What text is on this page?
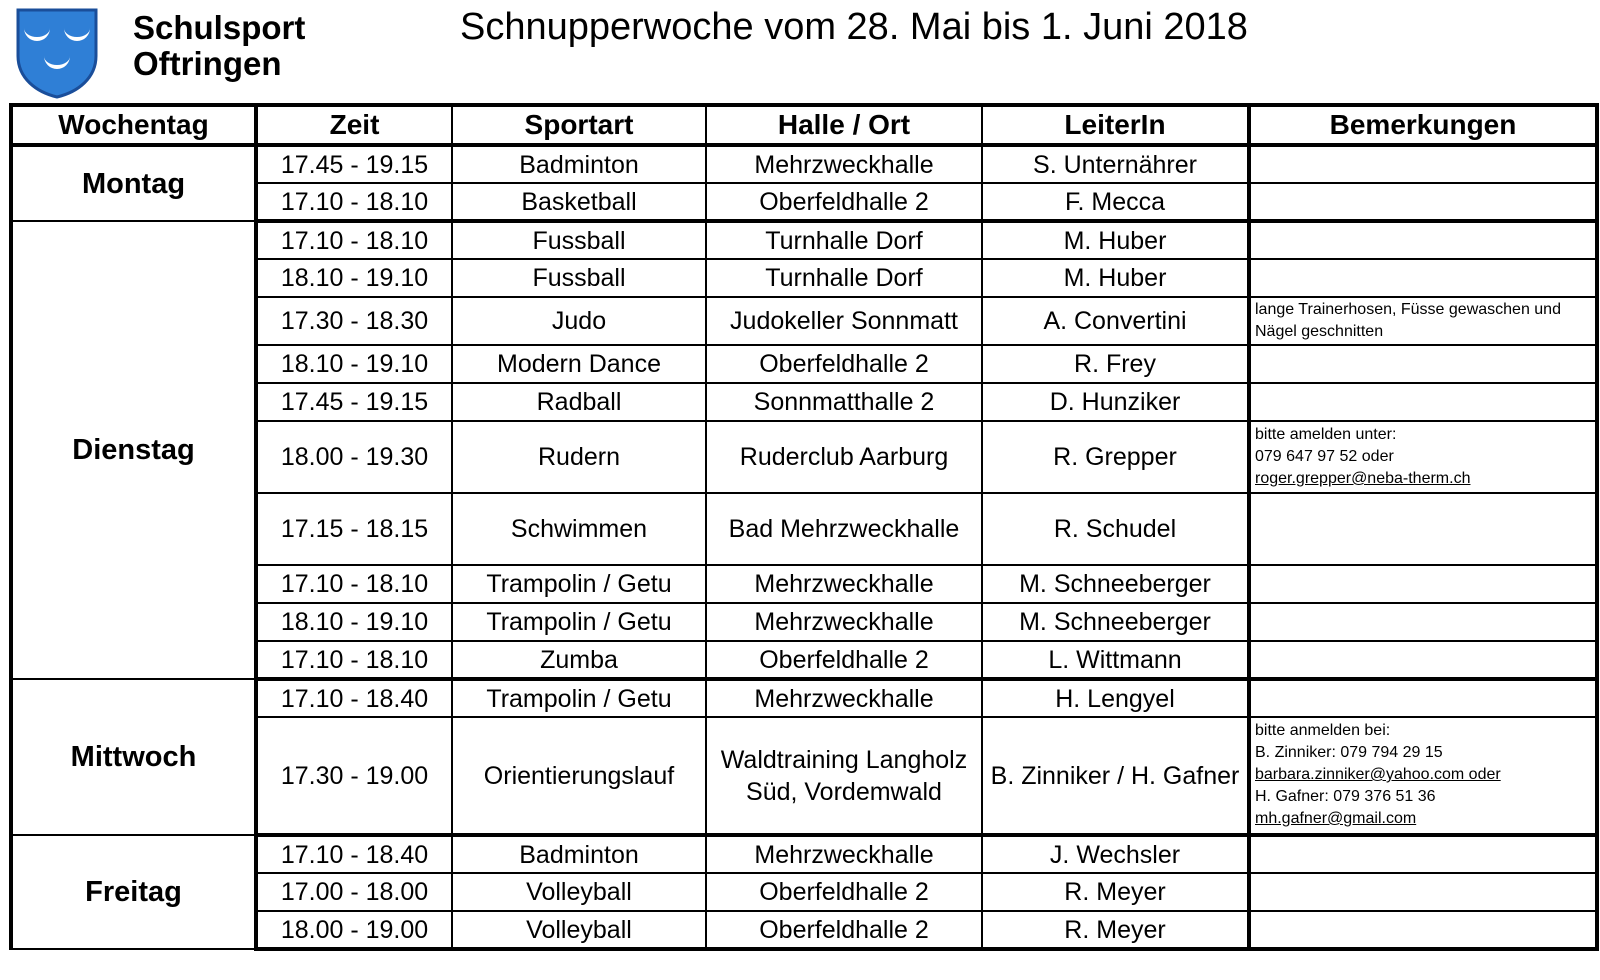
Schulsport
Oftringen
Schnupperwoche vom 28. Mai bis 1. Juni 2018
Wochentag	Zeit	Sportart	Halle / Ort	LeiterIn	Bemerkungen
Montag	17.45 - 19.15	Badminton	Mehrzweckhalle	S. Unternährer	
	17.10 - 18.10	Basketball	Oberfeldhalle 2	F. Mecca	
Dienstag	17.10 - 18.10	Fussball	Turnhalle Dorf	M. Huber	
	18.10 - 19.10	Fussball	Turnhalle Dorf	M. Huber	
	17.30 - 18.30	Judo	Judokeller Sonnmatt	A. Convertini	lange Trainerhosen, Füsse gewaschen und
Nägel geschnitten

	18.10 - 19.10	Modern Dance	Oberfeldhalle 2	R. Frey	
	17.45 - 19.15	Radball	Sonnmatthalle 2	D. Hunziker	
	18.00 - 19.30	Rudern	Ruderclub Aarburg	R. Grepper	bitte amelden unter:
079 647 97 52 oder
roger.grepper@neba-therm.ch

	17.15 - 18.15	Schwimmen	Bad Mehrzweckhalle	R. Schudel	
	17.10 - 18.10	Trampolin / Getu	Mehrzweckhalle	M. Schneeberger	
	18.10 - 19.10	Trampolin / Getu	Mehrzweckhalle	M. Schneeberger	
	17.10 - 18.10	Zumba	Oberfeldhalle 2	L. Wittmann	
Mittwoch	17.10 - 18.40	Trampolin / Getu	Mehrzweckhalle	H. Lengyel	
	17.30 - 19.00	Orientierungslauf	Waldtraining Langholz Süd, Vordemwald	B. Zinniker / H. Gafner	bitte anmelden bei:
B. Zinniker: 079 794 29 15
barbara.zinniker@yahoo.com oder
H. Gafner: 079 376 51 36
mh.gafner@gmail.com

Freitag	17.10 - 18.40	Badminton	Mehrzweckhalle	J. Wechsler	
	17.00 - 18.00	Volleyball	Oberfeldhalle 2	R. Meyer	
	18.00 - 19.00	Volleyball	Oberfeldhalle 2	R. Meyer	
